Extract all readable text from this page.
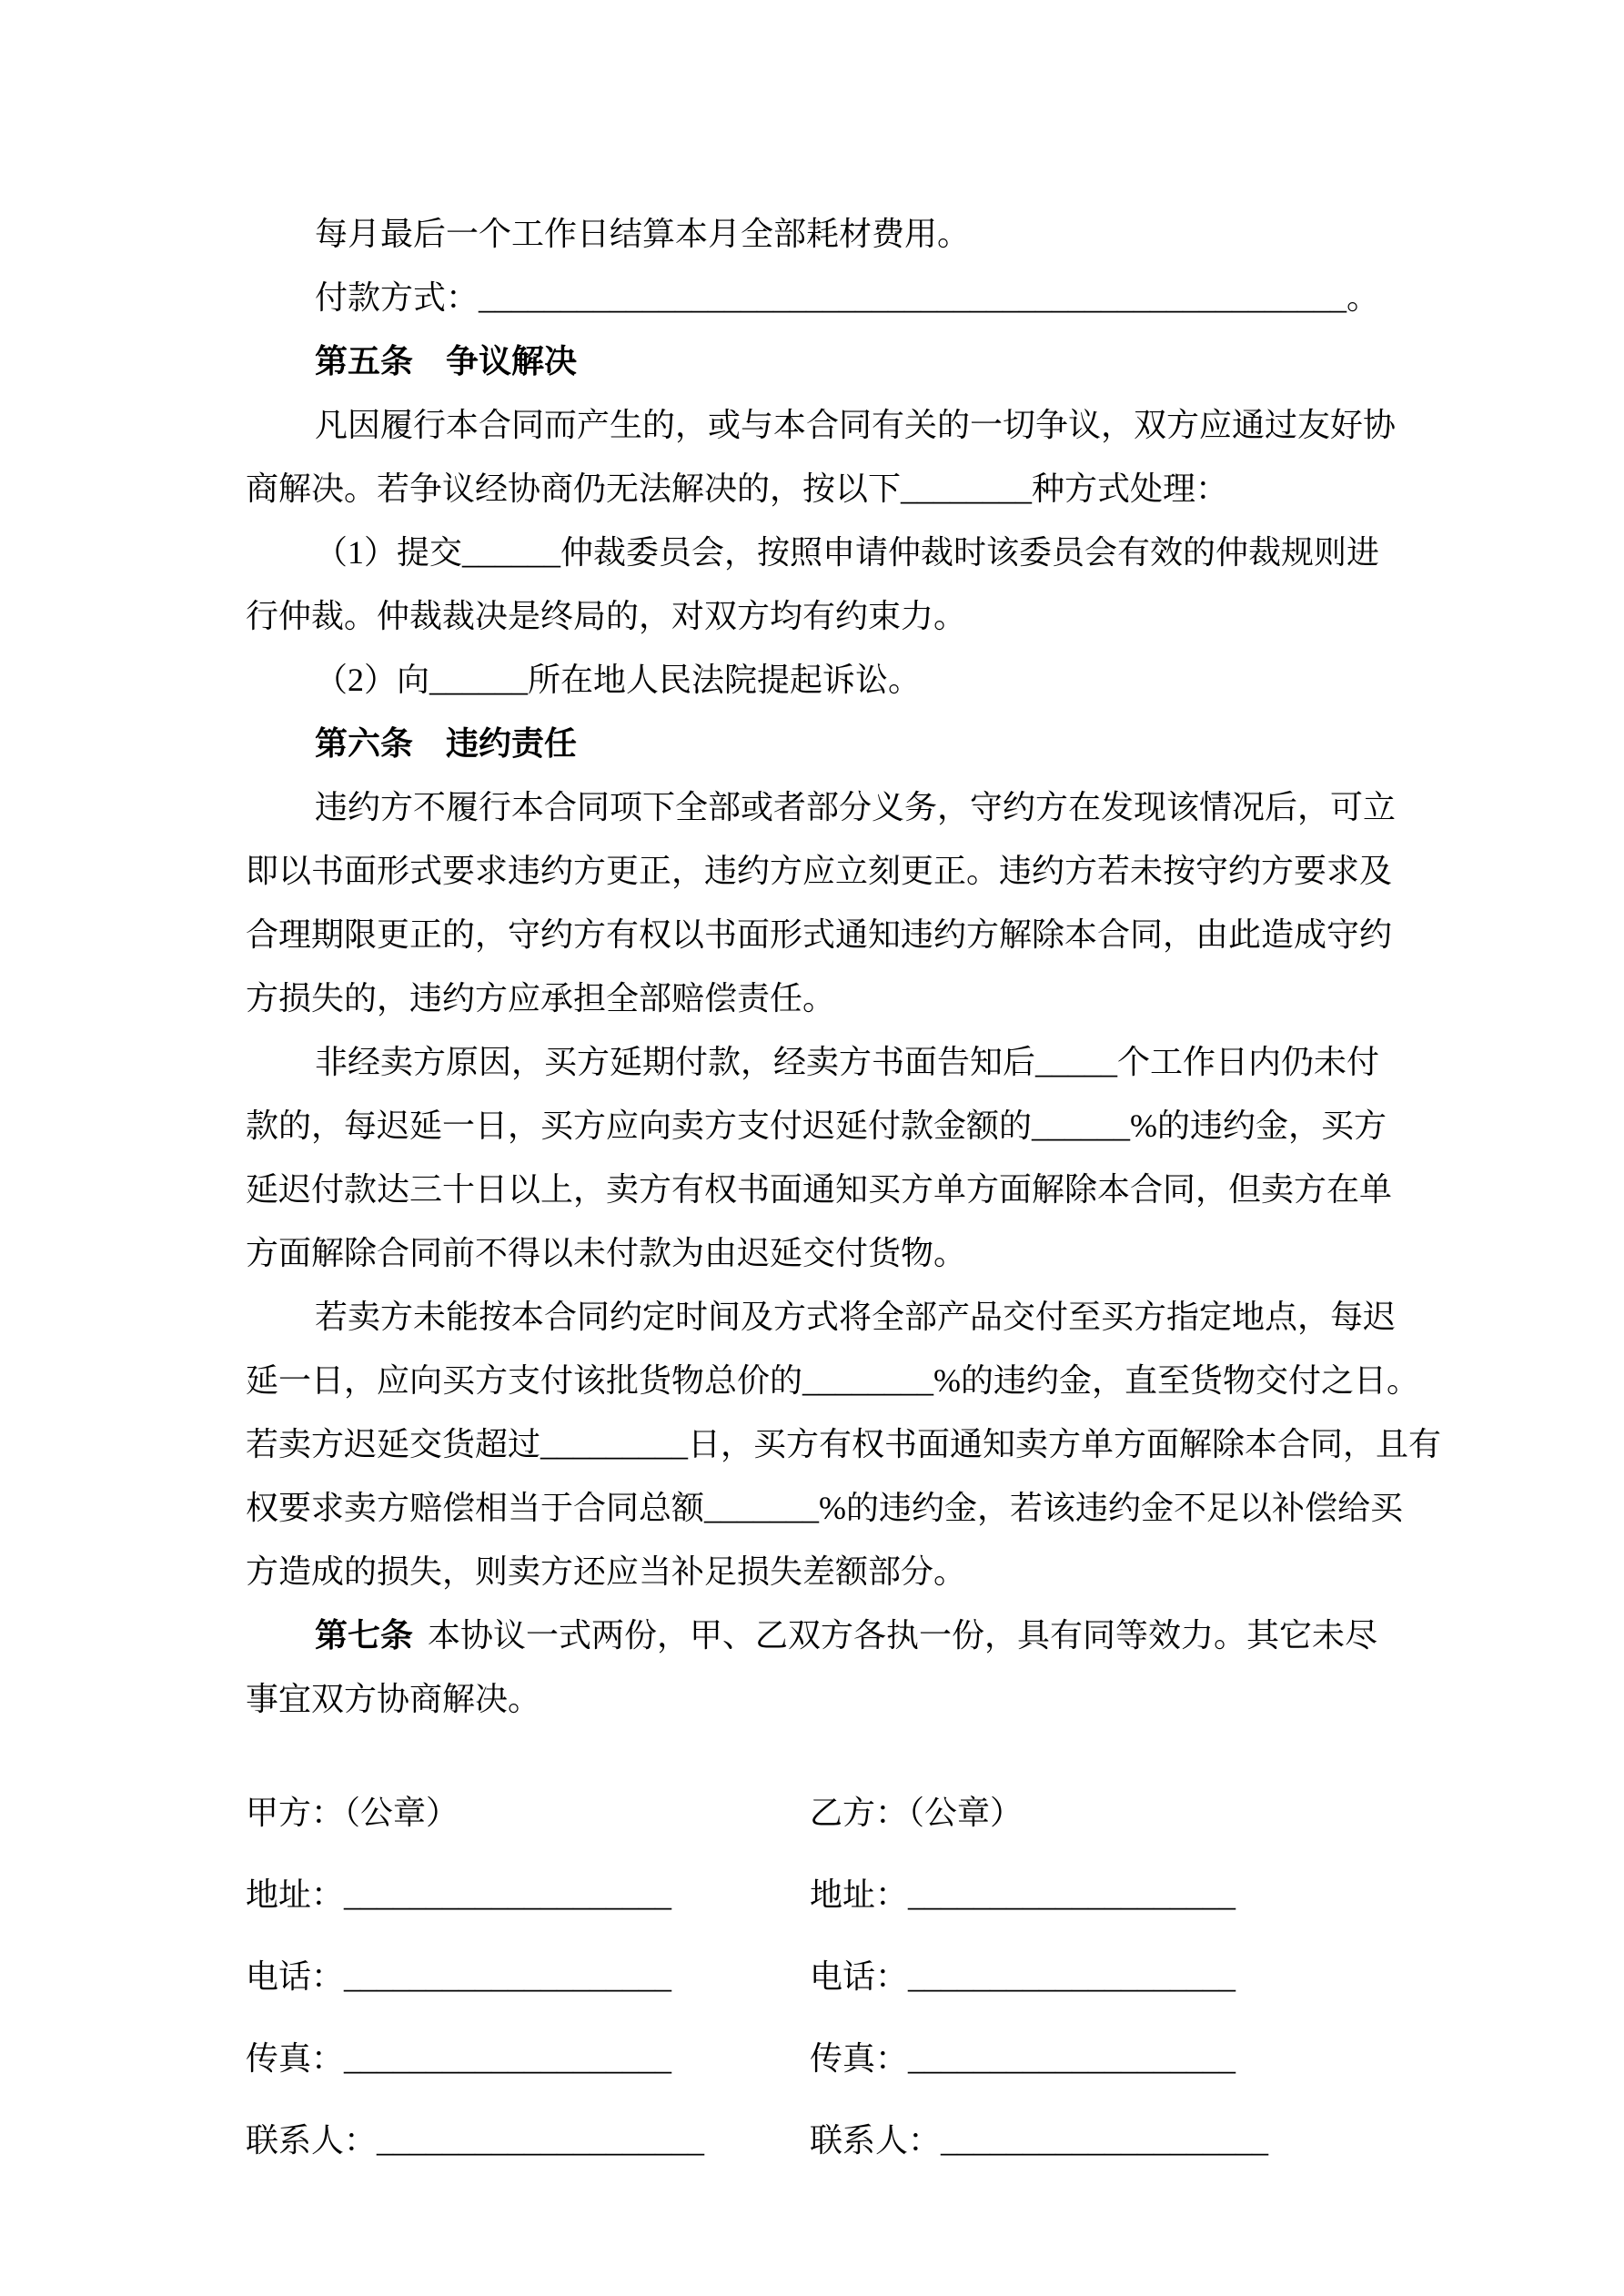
每月最后一个工作日结算本月全部耗材费用。
付款方式：_____________________________________________________。
第五条　争议解决
凡因履行本合同而产生的，或与本合同有关的一切争议，双方应通过友好协
商解决。若争议经协商仍无法解决的，按以下________种方式处理：
（1）提交______仲裁委员会，按照申请仲裁时该委员会有效的仲裁规则进
行仲裁。仲裁裁决是终局的，对双方均有约束力。
（2）向______所在地人民法院提起诉讼。
第六条　违约责任
违约方不履行本合同项下全部或者部分义务，守约方在发现该情况后，可立
即以书面形式要求违约方更正，违约方应立刻更正。违约方若未按守约方要求及
合理期限更正的，守约方有权以书面形式通知违约方解除本合同，由此造成守约
方损失的，违约方应承担全部赔偿责任。
非经卖方原因，买方延期付款，经卖方书面告知后_____个工作日内仍未付
款的，每迟延一日，买方应向卖方支付迟延付款金额的______%的违约金，买方
延迟付款达三十日以上，卖方有权书面通知买方单方面解除本合同，但卖方在单
方面解除合同前不得以未付款为由迟延交付货物。
若卖方未能按本合同约定时间及方式将全部产品交付至买方指定地点，每迟
延一日，应向买方支付该批货物总价的________%的违约金，直至货物交付之日。
若卖方迟延交货超过_________日，买方有权书面通知卖方单方面解除本合同，且有
权要求卖方赔偿相当于合同总额_______%的违约金，若该违约金不足以补偿给买
方造成的损失，则卖方还应当补足损失差额部分。
第七条 本协议一式两份，甲、乙双方各执一份，具有同等效力。其它未尽
事宜双方协商解决。
甲方：（公章）
地址：____________________
电话：____________________
传真：____________________
联系人：____________________
乙方：（公章）
地址：____________________
电话：____________________
传真：____________________
联系人：____________________
